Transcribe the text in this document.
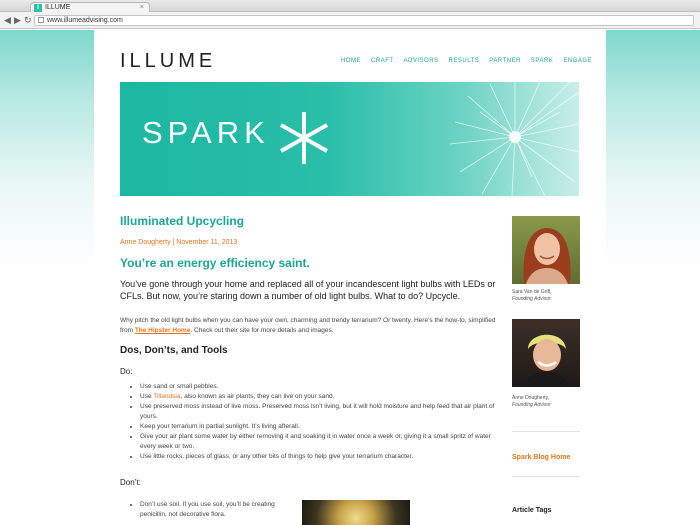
I ILLUME	×
◀ ▶ ↻	www.illumeadvising.com
ILLUME	HOME CRAFT ADVISORS RESULTS PARTNER SPARK ENGAGE
SPARK
Illuminated Upcycling
Anne Dougherty | November 11, 2013
You’re an energy efficiency saint.

You’ve gone through your home and replaced all of your incandescent light bulbs with LEDs or CFLs. But now, you’re staring down a number of old light bulbs. What to do? Upcycle.

Why pitch the old light bulbs when you can have your own, charming and trendy terrarium? Or twenty. Here’s the how-to, simplified from The Hipster Home. Check out their site for more details and images.

Dos, Don’ts, and Tools
Do:
• Use sand or small pebbles.
• Use Tillandsia, also known as air plants, they can live on your sand.
• Use preserved moss instead of live moss. Preserved moss isn’t living, but it will hold moisture and help feed that air plant of yours.
• Keep your terrarium in partial sunlight. It’s living afterall.
• Give your air plant some water by either removing it and soaking it in water once a week or, giving it a small spritz of water every week or two.
• Use little rocks, pieces of glass, or any other bits of things to help give your terrarium character.
Don’t:
• Don’t use soil. If you use soil, you’ll be creating penicillin, not decorative flora.
Sara Van de Griff,
Founding Advisor
Anne Dougherty,
Founding Advisor
Spark Blog Home
Article Tags
